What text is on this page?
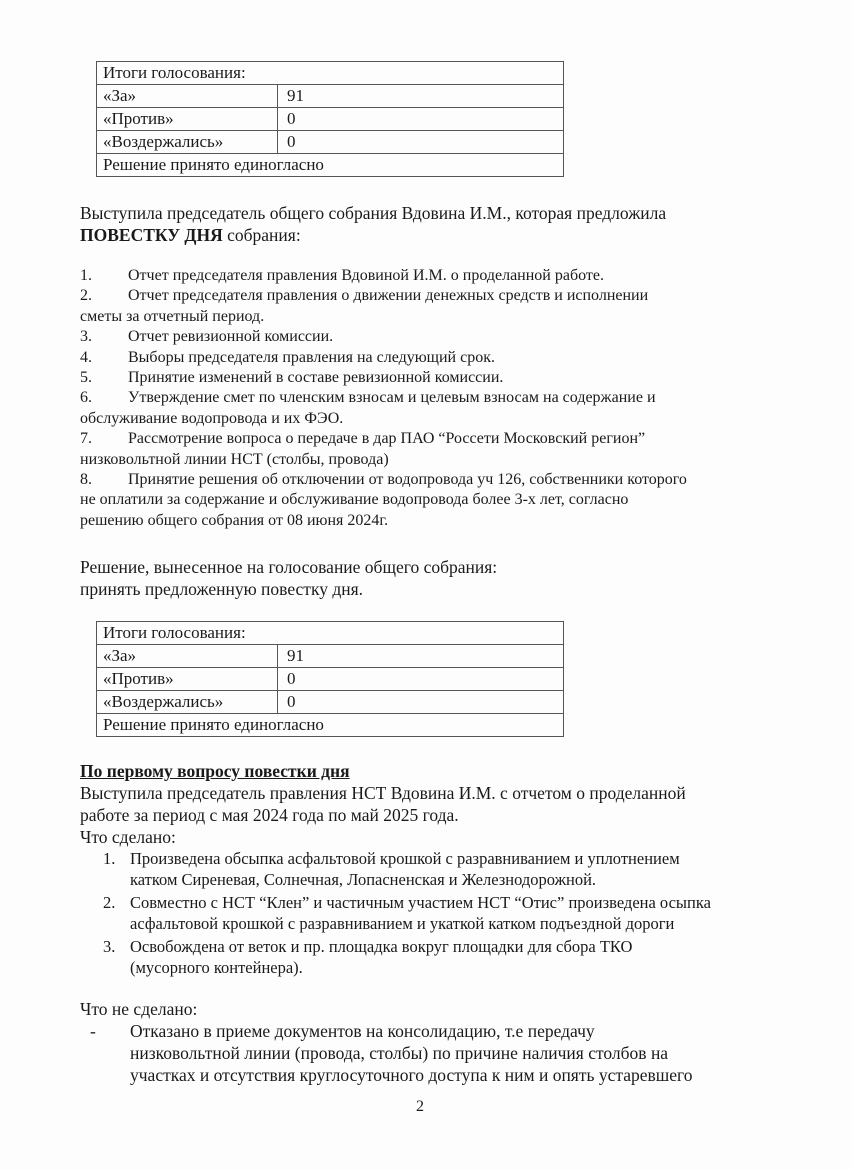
Итоги голосования:	
«За»	91
«Против»	0
«Воздержались»	0
Решение принято единогласно	
Выступила председатель общего собрания Вдовина И.М., которая предложила
ПОВЕСТКУ ДНЯ собрания:
1. Отчет председателя правления Вдовиной И.М. о проделанной работе.
2. Отчет председателя правления о движении денежных средств и исполнении
сметы за отчетный период.
3. Отчет ревизионной комиссии.
4. Выборы председателя правления на следующий срок.
5. Принятие изменений в составе ревизионной комиссии.
6. Утверждение смет по членским взносам и целевым взносам на содержание и
обслуживание водопровода и их ФЭО.
7. Рассмотрение вопроса о передаче в дар ПАО “Россети Московский регион”
низковольтной линии НСТ (столбы, провода)
8. Принятие решения об отключении от водопровода уч 126, собственники которого
не оплатили за содержание и обслуживание водопровода более 3-х лет, согласно
решению общего собрания от 08 июня 2024г.
Решение, вынесенное на голосование общего собрания:
принять предложенную повестку дня.
Итоги голосования:	
«За»	91
«Против»	0
«Воздержались»	0
Решение принято единогласно	
По первому вопросу повестки дня
Выступила председатель правления НСТ Вдовина И.М. с отчетом о проделанной
работе за период с мая 2024 года по май 2025 года.
Что сделано:
1. Произведена обсыпка асфальтовой крошкой с разравниванием и уплотнением
катком Сиреневая, Солнечная, Лопасненская и Железнодорожной.
2. Совместно с НСТ “Клен” и частичным участием НСТ “Отис” произведена осыпка
асфальтовой крошкой с разравниванием и укаткой катком подъездной дороги
3. Освобождена от веток и пр. площадка вокруг площадки для сбора ТКО
(мусорного контейнера).
Что не сделано:
-	Отказано в приеме документов на консолидацию, т.е передачу
низковольтной линии (провода, столбы) по причине наличия столбов на
участках и отсутствия круглосуточного доступа к ним и опять устаревшего
2
